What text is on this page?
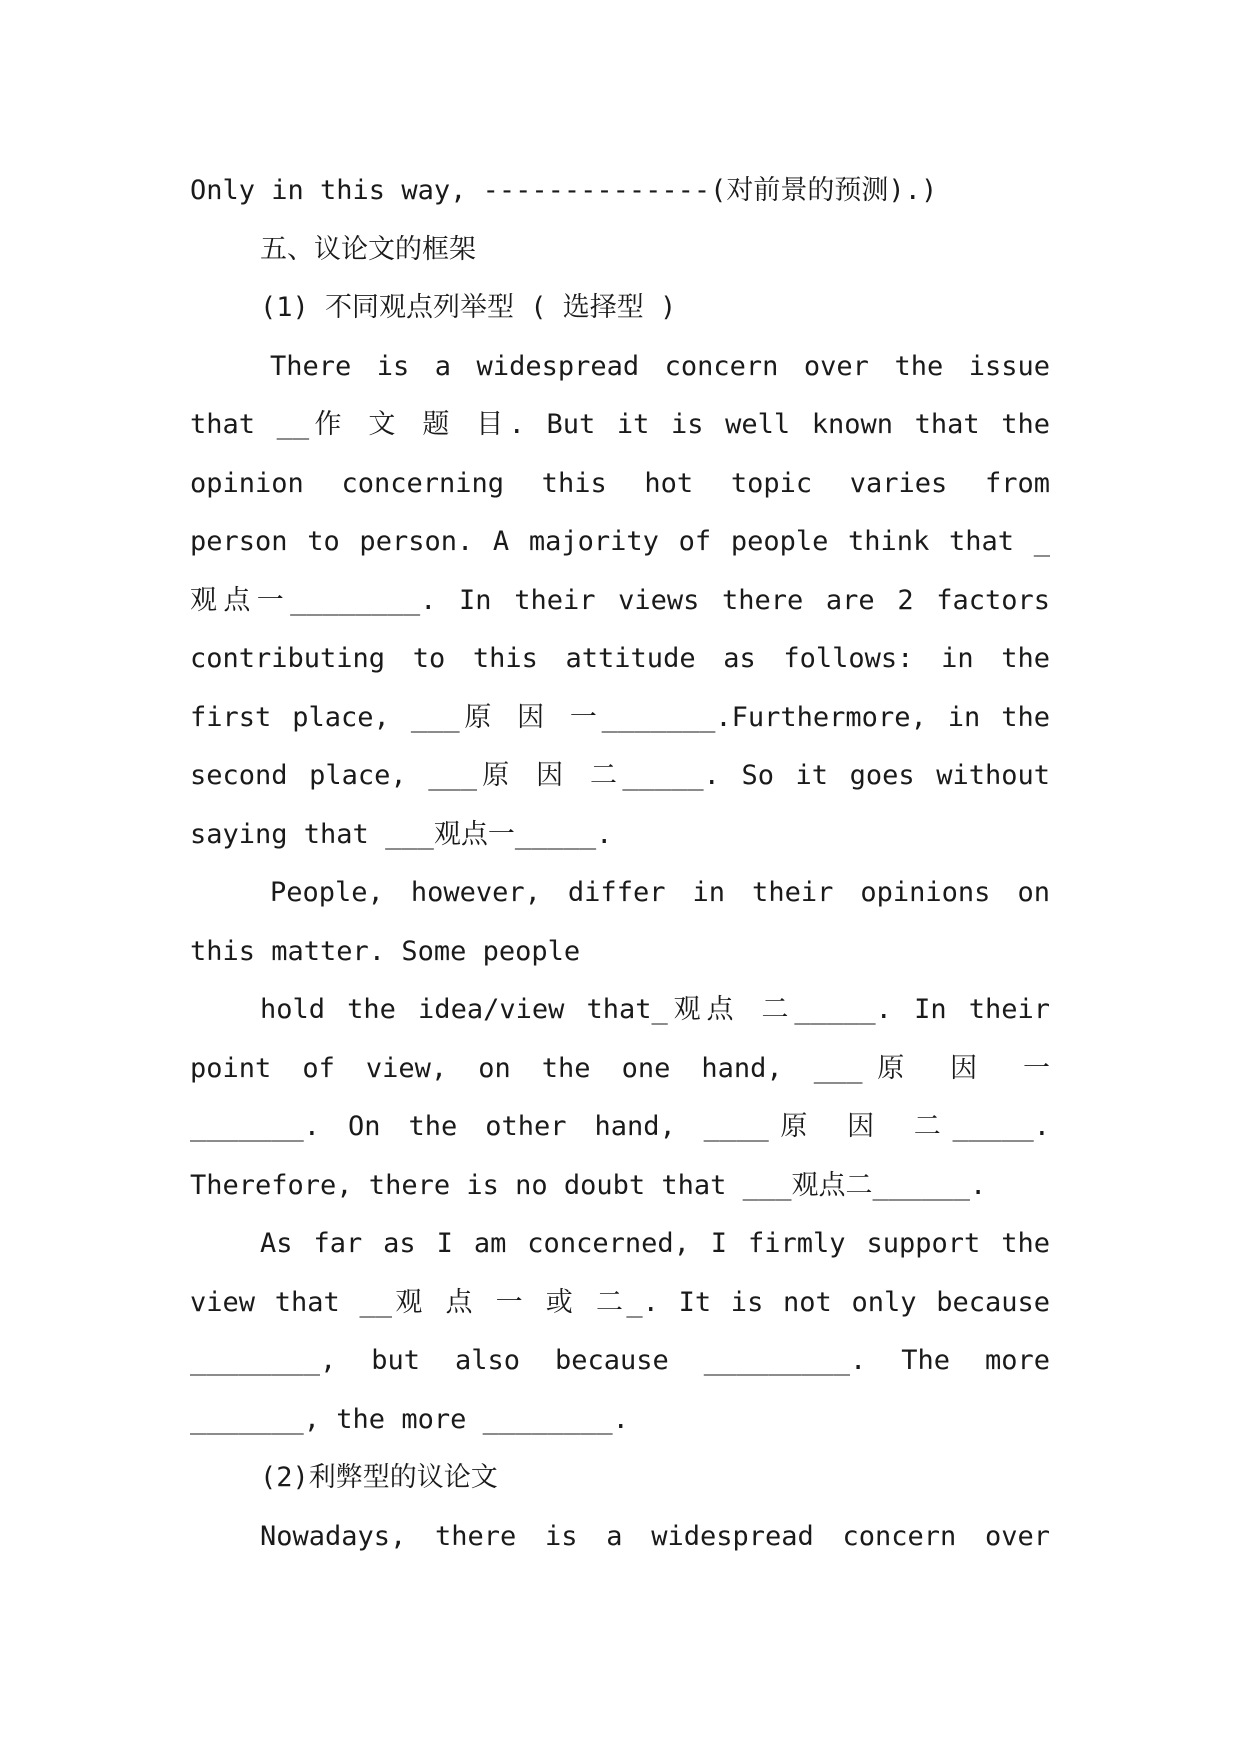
Only in this way, --------------(对前景的预测).)
五、议论文的框架
(1) 不同观点列举型 ( 选择型 )
There is a widespread concern over the issue
that __作 文 题 目. But it is well known that the
opinion concerning this hot topic varies from
person to person. A majority of people think that _
观点一________. In their views there are 2 factors
contributing to this attitude as follows: in the
first place, ___原 因 一_______.Furthermore, in the
second place, ___原 因 二_____. So it goes without
saying that ___观点一_____.
People, however, differ in their opinions on
this matter. Some people
hold the idea/view that_观点 二_____. In their
point of view, on the one hand, ___原 因 一
_______. On the other hand, ____原 因 二_____.
Therefore, there is no doubt that ___观点二______.
As far as I am concerned, I firmly support the
view that __观 点 一 或 二_. It is not only because
________, but also because _________. The more
_______, the more ________.
(2)利弊型的议论文
Nowadays, there is a widespread concern over
